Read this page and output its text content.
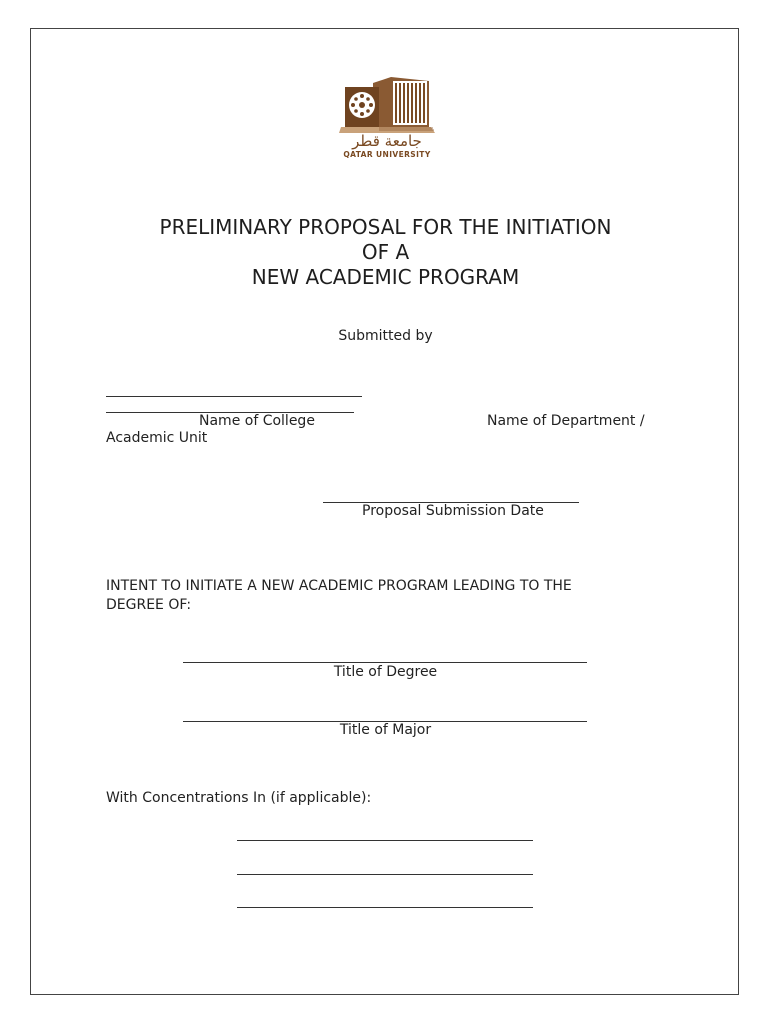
جامعة قطر
QATAR UNIVERSITY
PRELIMINARY PROPOSAL FOR THE INITIATION
OF A
NEW ACADEMIC PROGRAM
Submitted by
Name of College	Name of Department /
Academic Unit
Proposal Submission Date
INTENT TO INITIATE A NEW ACADEMIC PROGRAM LEADING TO THE
DEGREE OF:
Title of Degree
Title of Major
With Concentrations In (if applicable):
